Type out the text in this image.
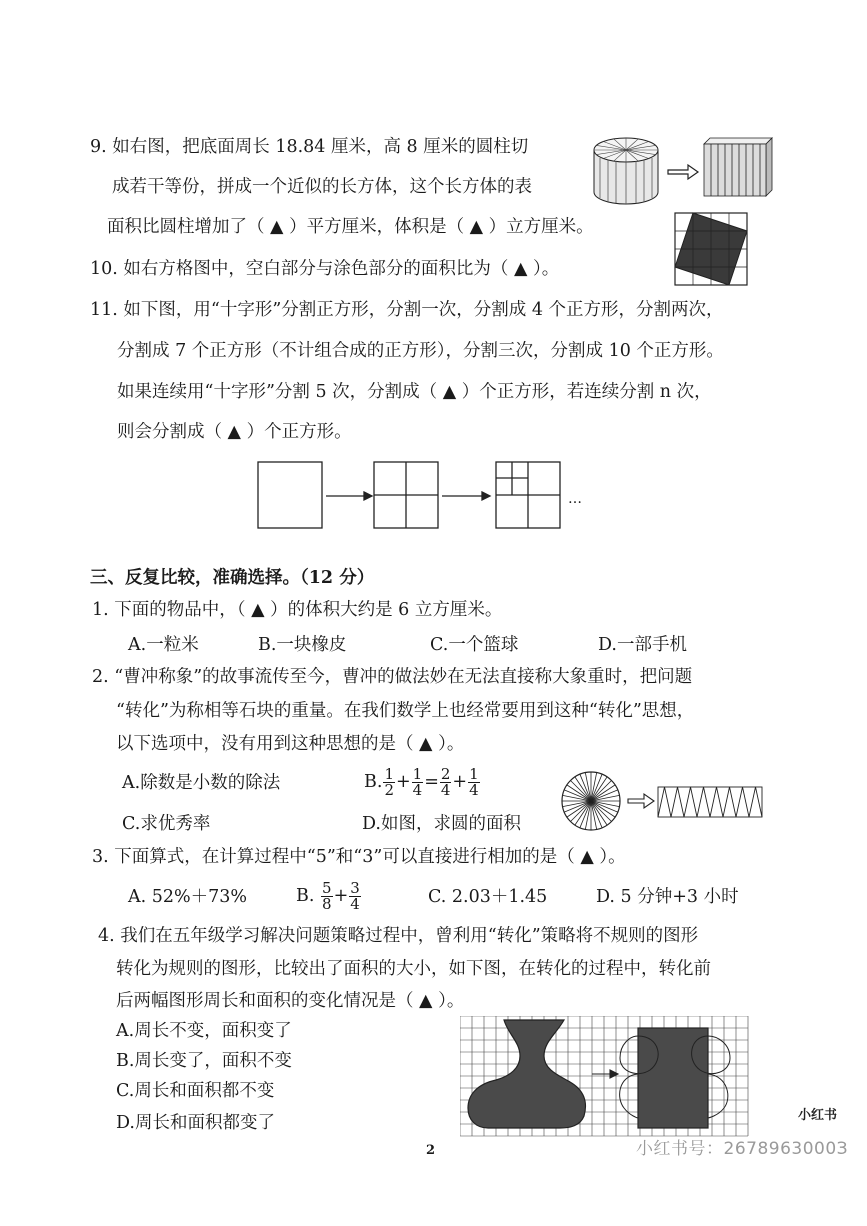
9. 如右图，把底面周长 18.84 厘米，高 8 厘米的圆柱切
成若干等份，拼成一个近似的长方体，这个长方体的表
面积比圆柱增加了（ ▲ ）平方厘米，体积是（ ▲ ）立方厘米。
10. 如右方格图中，空白部分与涂色部分的面积比为（ ▲ ）。
11. 如下图，用“十字形”分割正方形，分割一次，分割成 4 个正方形，分割两次，
分割成 7 个正方形（不计组合成的正方形），分割三次，分割成 10 个正方形。
如果连续用“十字形”分割 5 次，分割成（ ▲ ）个正方形，若连续分割 n 次，
则会分割成（ ▲ ）个正方形。
…
三、反复比较，准确选择。（12 分）
1. 下面的物品中，（ ▲ ）的体积大约是 6 立方厘米。
A.一粒米	B.一块橡皮	C.一个篮球	D.一部手机
2. “曹冲称象”的故事流传至今，曹冲的做法妙在无法直接称大象重时，把问题
“转化”为称相等石块的重量。在我们数学上也经常要用到这种“转化”思想，
以下选项中，没有用到这种思想的是（ ▲ ）。
A.除数是小数的除法	B. $\frac{1}{2} + \frac{1}{4} = \frac{2}{4} + \frac{1}{4}$
C.求优秀率	D.如图，求圆的面积
3. 下面算式，在计算过程中“5”和“3”可以直接进行相加的是（ ▲ ）。
A. 52%＋73%	B. $\frac{5}{8} + \frac{3}{4}$	C. 2.03＋1.45	D. 5 分钟+3 小时
4. 我们在五年级学习解决问题策略过程中，曾利用“转化”策略将不规则的图形
转化为规则的图形，比较出了面积的大小，如下图，在转化的过程中，转化前
后两幅图形周长和面积的变化情况是（ ▲ ）。
A.周长不变，面积变了
B.周长变了，面积不变
C.周长和面积都不变
D.周长和面积都变了
2
小红书
小红书号：2678963000З
